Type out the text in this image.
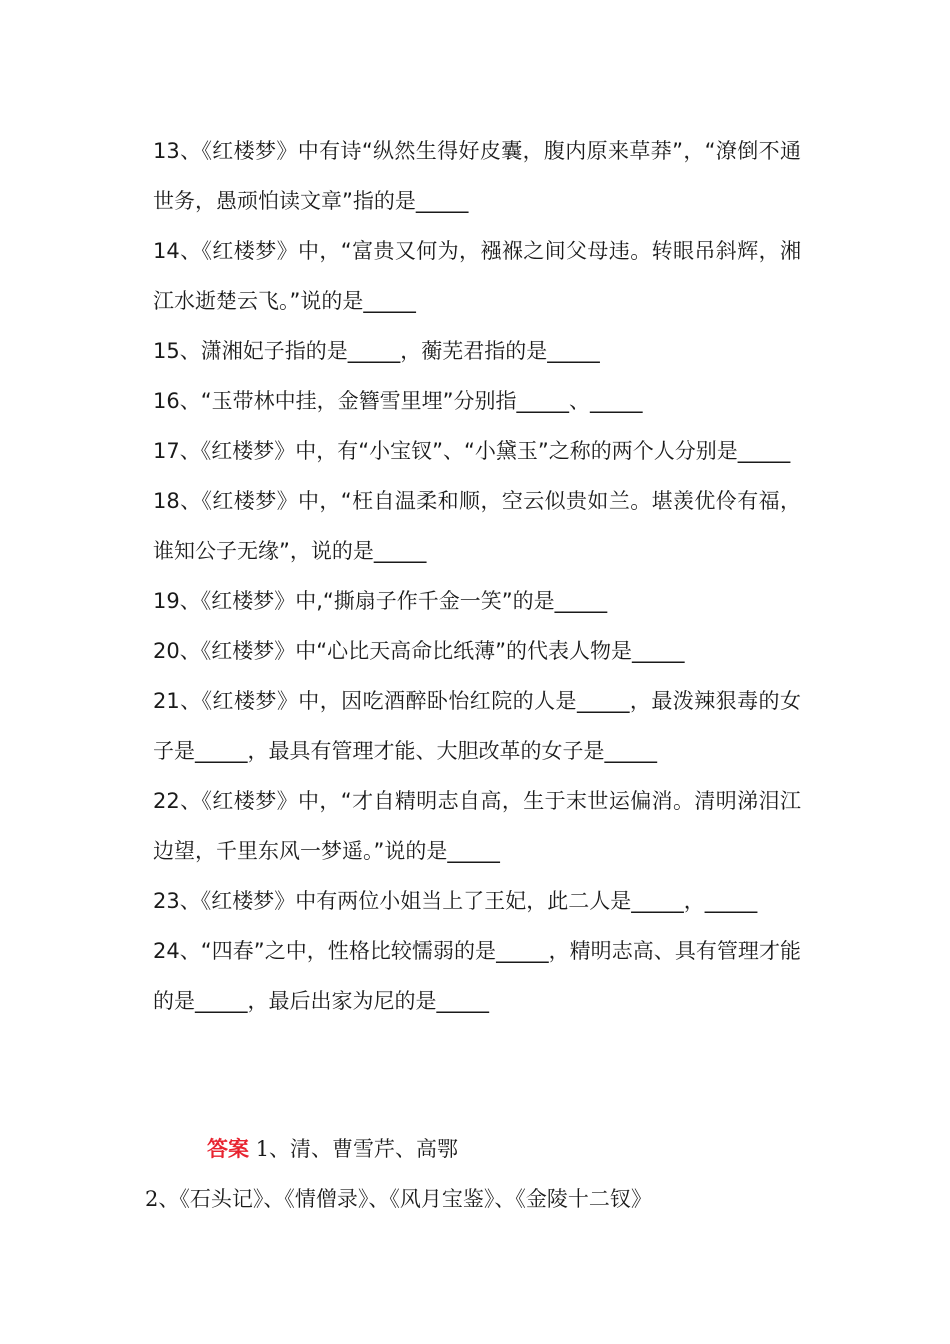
13、《红楼梦》中有诗“纵然生得好皮囊，腹内原来草莽”，“潦倒不通世务，愚顽怕读文章”指的是_____

14、《红楼梦》中，“富贵又何为，襁褓之间父母违。转眼吊斜辉，湘江水逝楚云飞。”说的是_____

15、潇湘妃子指的是_____，蘅芜君指的是_____

16、“玉带林中挂，金簪雪里埋”分别指_____、_____

17、《红楼梦》中，有“小宝钗”、“小黛玉”之称的两个人分别是_____

18、《红楼梦》中，“枉自温柔和顺，空云似贵如兰。堪羡优伶有福，谁知公子无缘”，说的是_____

19、《红楼梦》中,“撕扇子作千金一笑”的是_____

20、《红楼梦》中“心比天高命比纸薄”的代表人物是_____

21、《红楼梦》中，因吃酒醉卧怡红院的人是_____，最泼辣狠毒的女子是_____，最具有管理才能、大胆改革的女子是_____

22、《红楼梦》中，“才自精明志自高，生于末世运偏消。清明涕泪江边望，千里东风一梦遥。”说的是_____

23、《红楼梦》中有两位小姐当上了王妃，此二人是_____，_____

24、“四春”之中，性格比较懦弱的是_____，精明志高、具有管理才能的是_____，最后出家为尼的是_____

答案 1、清、曹雪芹、高鄂

2、《石头记》、《情僧录》、《风月宝鉴》、《金陵十二钗》
